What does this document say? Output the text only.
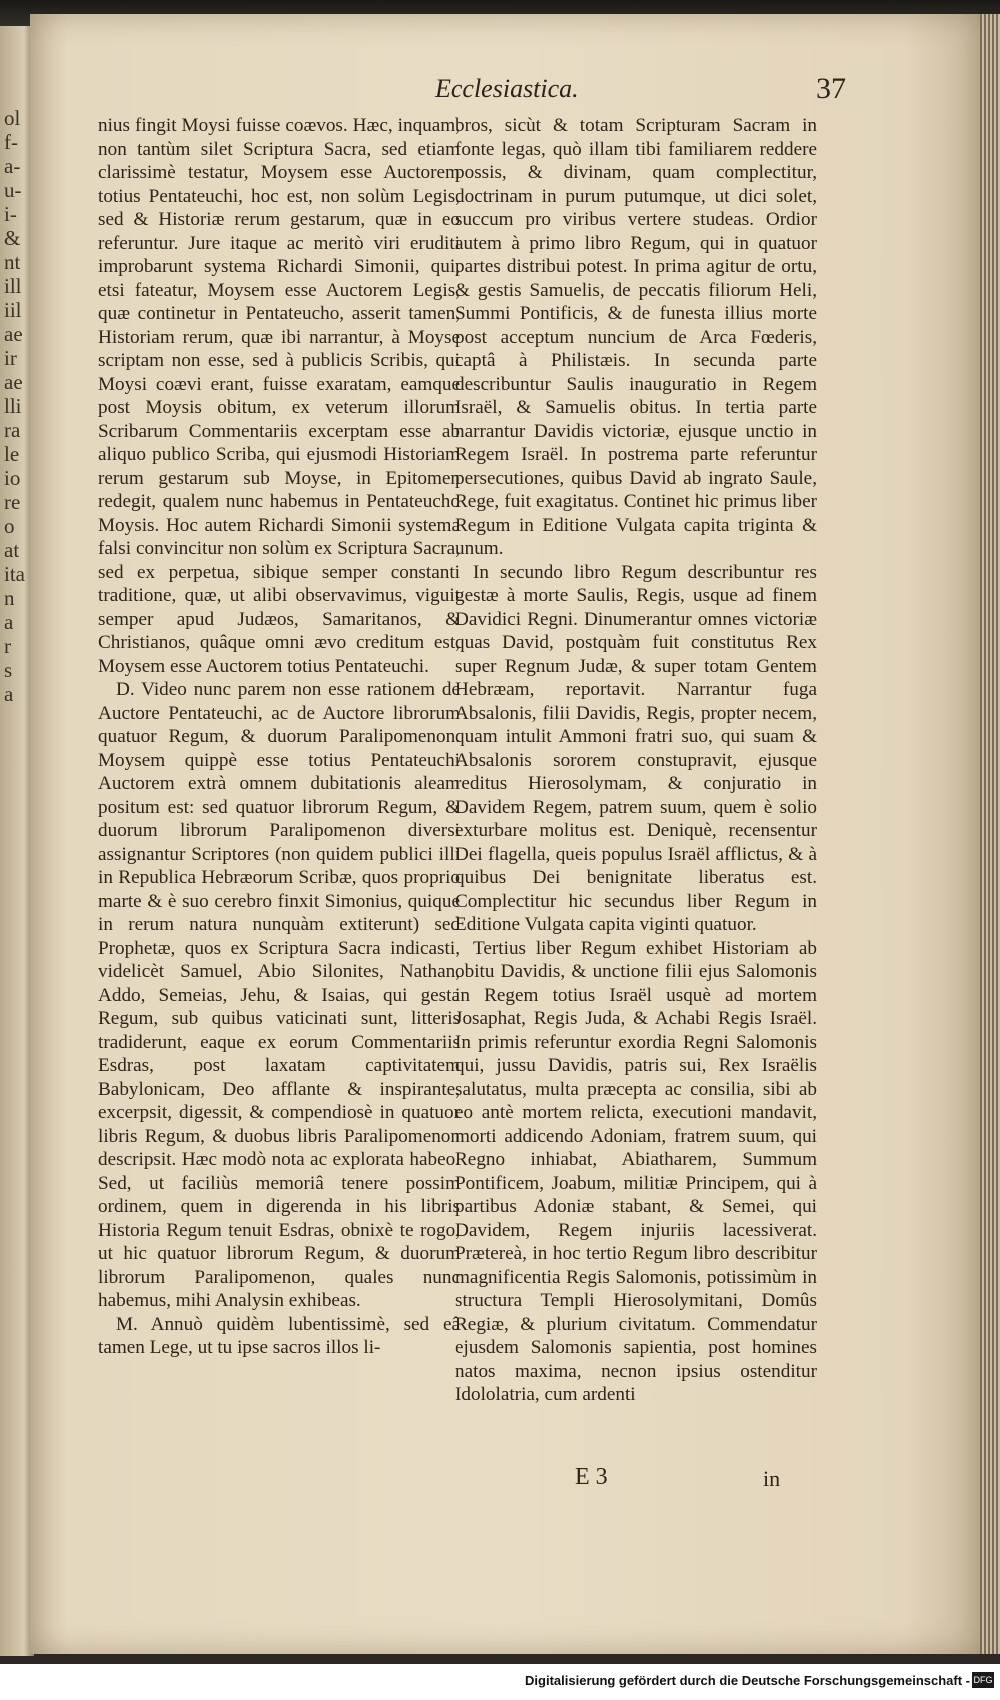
ol
f-
a-
u-
i-
&
nt
ill
iil
ae
ir
ae
lli
ra
le
io
re
o
at
ita
n
a
r
s
a
Ecclesiastica.	37

nius fingit Moysi fuisse coævos. Hæc, inquam, non tantùm silet Scriptura Sacra, sed etiam clarissimè testatur, Moysem esse Auctorem totius Pentateuchi, hoc est, non solùm Legis, sed & Historiæ rerum gestarum, quæ in eo referuntur. Jure itaque ac meritò viri eruditi improbarunt systema Richardi Simonii, qui, etsi fateatur, Moysem esse Auctorem Legis, quæ continetur in Pentateucho, asserit tamen, Historiam rerum, quæ ibi narrantur, à Moyse scriptam non esse, sed à publicis Scribis, qui Moysi coævi erant, fuisse exaratam, eamque post Moysis obitum, ex veterum illorum Scribarum Commentariis excerptam esse ab aliquo publico Scriba, qui ejusmodi Historiam rerum gestarum sub Moyse, in Epitomen redegit, qualem nunc habemus in Pentateucho Moysis. Hoc autem Richardi Simonii systema falsi convincitur non solùm ex Scriptura Sacra, sed ex perpetua, sibique semper constanti traditione, quæ, ut alibi observavimus, viguit semper apud Judæos, Samaritanos, & Christianos, quâque omni ævo creditum est, Moysem esse Auctorem totius Pentateuchi.

D. Video nunc parem non esse rationem de Auctore Pentateuchi, ac de Auctore librorum quatuor Regum, & duorum Paralipomenon. Moysem quippè esse totius Pentateuchi Auctorem extrà omnem dubitationis aleam positum est: sed quatuor librorum Regum, & duorum librorum Paralipomenon diversi assignantur Scriptores (non quidem publici illi in Republica Hebræorum Scribæ, quos proprio marte & è suo cerebro finxit Simonius, quique in rerum natura nunquàm extiterunt) sed Prophetæ, quos ex Scriptura Sacra indicasti, videlicèt Samuel, Abio Silonites, Nathan, Addo, Semeias, Jehu, & Isaias, qui gesta Regum, sub quibus vaticinati sunt, litteris tradiderunt, eaque ex eorum Commentariis Esdras, post laxatam captivitatem Babylonicam, Deo afflante & inspirante, excerpsit, digessit, & compendiosè in quatuor libris Regum, & duobus libris Paralipomenon descripsit. Hæc modò nota ac explorata habeo. Sed, ut faciliùs memoriâ tenere possim ordinem, quem in digerenda in his libris Historia Regum tenuit Esdras, obnixè te rogo, ut hic quatuor librorum Regum, & duorum librorum Paralipomenon, quales nunc habemus, mihi Analysin exhibeas.

M. Annuò quidèm lubentissimè, sed eâ tamen Lege, ut tu ipse sacros illos li-

bros, sicùt & totam Scripturam Sacram in fonte legas, quò illam tibi familiarem reddere possis, & divinam, quam complectitur, doctrinam in purum putumque, ut dici solet, succum pro viribus vertere studeas. Ordior autem à primo libro Regum, qui in quatuor partes distribui potest. In prima agitur de ortu, & gestis Samuelis, de peccatis filiorum Heli, Summi Pontificis, & de funesta illius morte post acceptum nuncium de Arca Fœderis, captâ à Philistæis. In secunda parte describuntur Saulis inauguratio in Regem Israël, & Samuelis obitus. In tertia parte narrantur Davidis victoriæ, ejusque unctio in Regem Israël. In postrema parte referuntur persecutiones, quibus David ab ingrato Saule, Rege, fuit exagitatus. Continet hic primus liber Regum in Editione Vulgata capita triginta & unum.

In secundo libro Regum describuntur res gestæ à morte Saulis, Regis, usque ad finem Davidici Regni. Dinumerantur omnes victoriæ quas David, postquàm fuit constitutus Rex super Regnum Judæ, & super totam Gentem Hebræam, reportavit. Narrantur fuga Absalonis, filii Davidis, Regis, propter necem, quam intulit Ammoni fratri suo, qui suam & Absalonis sororem constupravit, ejusque reditus Hierosolymam, & conjuratio in Davidem Regem, patrem suum, quem è solio exturbare molitus est. Deniquè, recensentur Dei flagella, queis populus Israël afflictus, & à quibus Dei benignitate liberatus est. Complectitur hic secundus liber Regum in Editione Vulgata capita viginti quatuor.

Tertius liber Regum exhibet Historiam ab obitu Davidis, & unctione filii ejus Salomonis in Regem totius Israël usquè ad mortem Josaphat, Regis Juda, & Achabi Regis Israël. In primis referuntur exordia Regni Salomonis qui, jussu Davidis, patris sui, Rex Israëlis salutatus, multa præcepta ac consilia, sibi ab eo antè mortem relicta, executioni mandavit, morti addicendo Adoniam, fratrem suum, qui Regno inhiabat, Abiatharem, Summum Pontificem, Joabum, militiæ Principem, qui à partibus Adoniæ stabant, & Semei, qui Davidem, Regem injuriis lacessiverat. Prætereà, in hoc tertio Regum libro describitur magnificentia Regis Salomonis, potissimùm in structura Templi Hierosolymitani, Domûs Regiæ, & plurium civitatum. Commendatur ejusdem Salomonis sapientia, post homines natos maxima, necnon ipsius ostenditur Idololatria, cum ardenti

E 3	in
Digitalisierung gefördert durch die Deutsche Forschungsgemeinschaft - DFG
